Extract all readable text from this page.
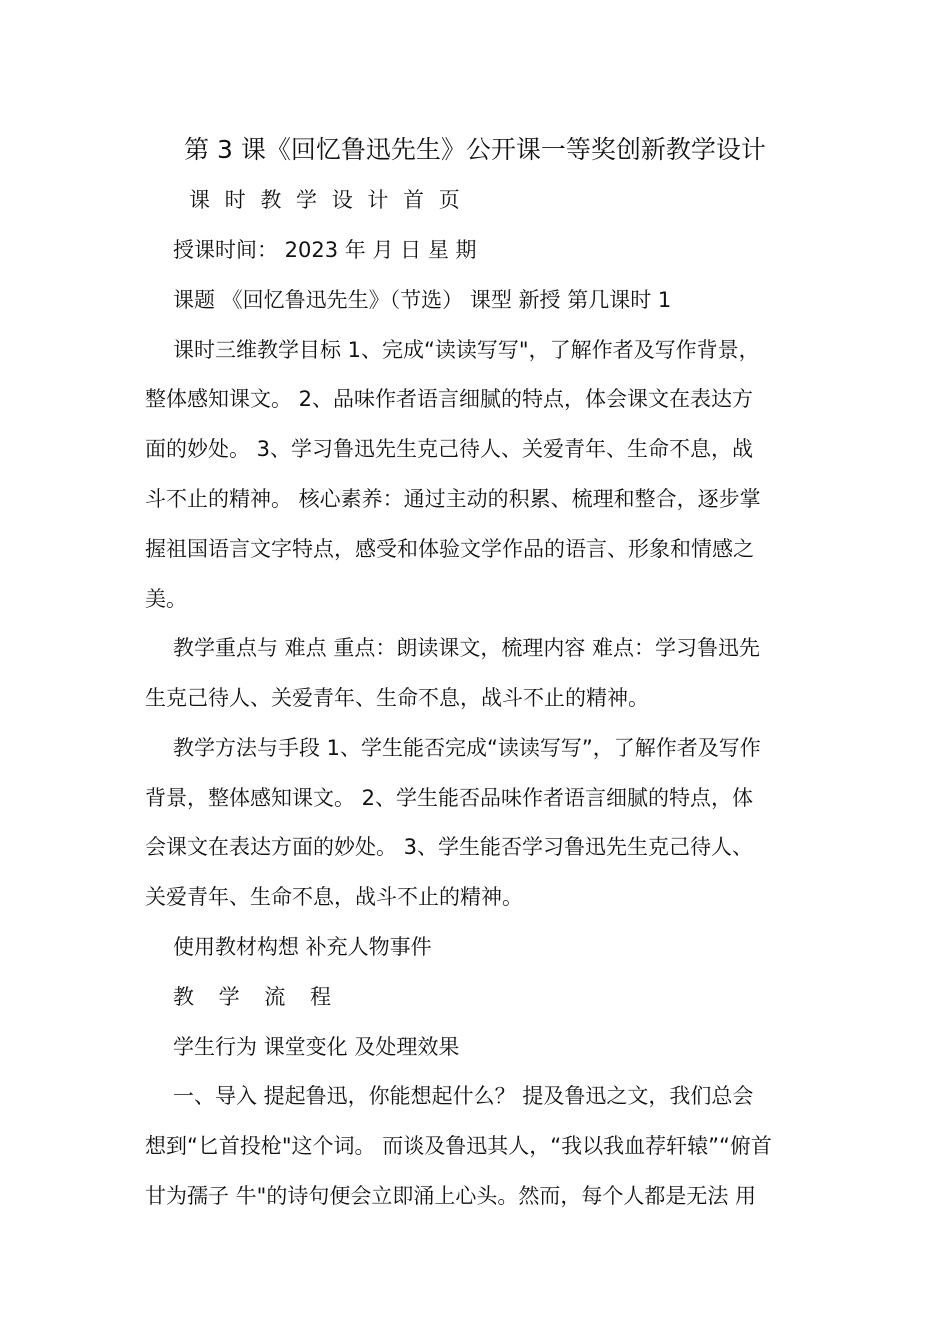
第 3 课《回忆鲁迅先生》公开课一等奖创新教学设计
课 时 教 学 设 计 首 页
授课时间： 2023 年 月 日 星 期
课题 《回忆鲁迅先生》（节选） 课型 新授 第几课时 1
课时三维教学目标 1、完成“读读写写"，了解作者及写作背景，
整体感知课文。 2、品味作者语言细腻的特点，体会课文在表达方
面的妙处。 3、学习鲁迅先生克己待人、关爱青年、生命不息，战
斗不止的精神。 核心素养：通过主动的积累、梳理和整合，逐步掌
握祖国语言文字特点，感受和体验文学作品的语言、形象和情感之
美。
教学重点与 难点 重点：朗读课文，梳理内容 难点：学习鲁迅先
生克己待人、关爱青年、生命不息，战斗不止的精神。
教学方法与手段 1、学生能否完成“读读写写”，了解作者及写作
背景，整体感知课文。 2、学生能否品味作者语言细腻的特点，体
会课文在表达方面的妙处。 3、学生能否学习鲁迅先生克己待人、
关爱青年、生命不息，战斗不止的精神。
使用教材构想 补充人物事件
教 学 流 程
学生行为 课堂变化 及处理效果
一、导入 提起鲁迅，你能想起什么？ 提及鲁迅之文，我们总会
想到“匕首投枪"这个词。 而谈及鲁迅其人，“我以我血荐轩辕”“俯首
甘为孺子 牛"的诗句便会立即涌上心头。然而，每个人都是无法 用
